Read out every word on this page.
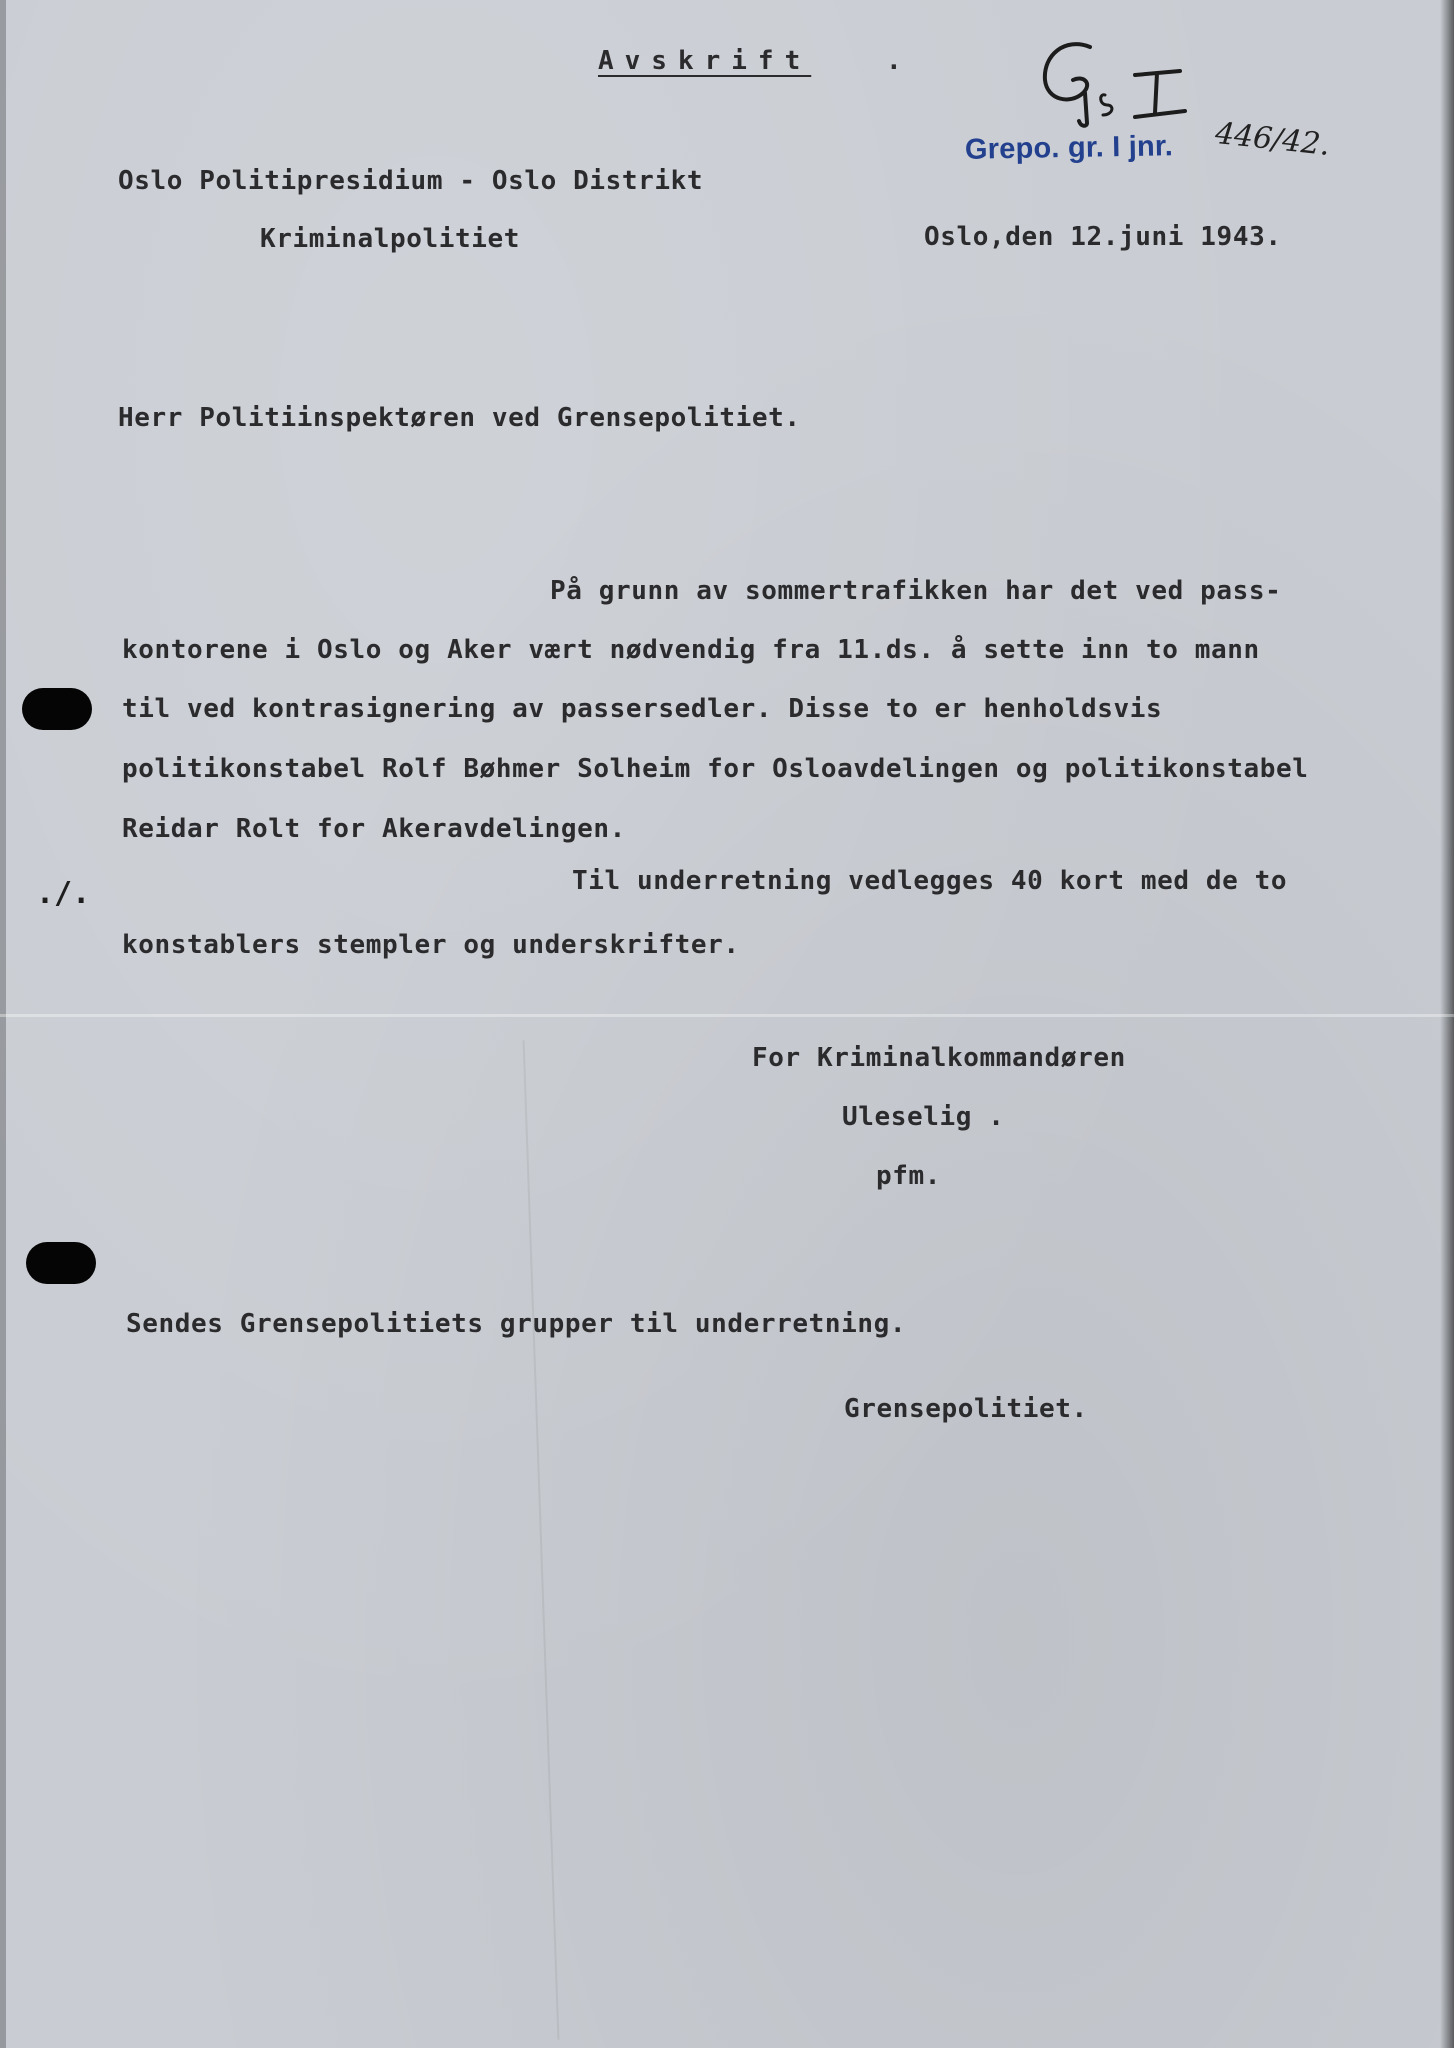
Avskrift	.
Grepo. gr. I jnr. 446/42.
Oslo Politipresidium - Oslo Distrikt
Kriminalpolitiet	Oslo,den 12.juni 1943.
Herr Politiinspektøren ved Grensepolitiet.
På grunn av sommertrafikken har det ved pass-
kontorene i Oslo og Aker vært nødvendig fra 11.ds. å sette inn to mann
til ved kontrasignering av passersedler. Disse to er henholdsvis
politikonstabel Rolf Bøhmer Solheim for Osloavdelingen og politikonstabel
Reidar Rolt for Akeravdelingen.
./.	Til underretning vedlegges 40 kort med de to
konstablers stempler og underskrifter.
For Kriminalkommandøren
Uleselig .
pfm.
Sendes Grensepolitiets grupper til underretning.
Grensepolitiet.
